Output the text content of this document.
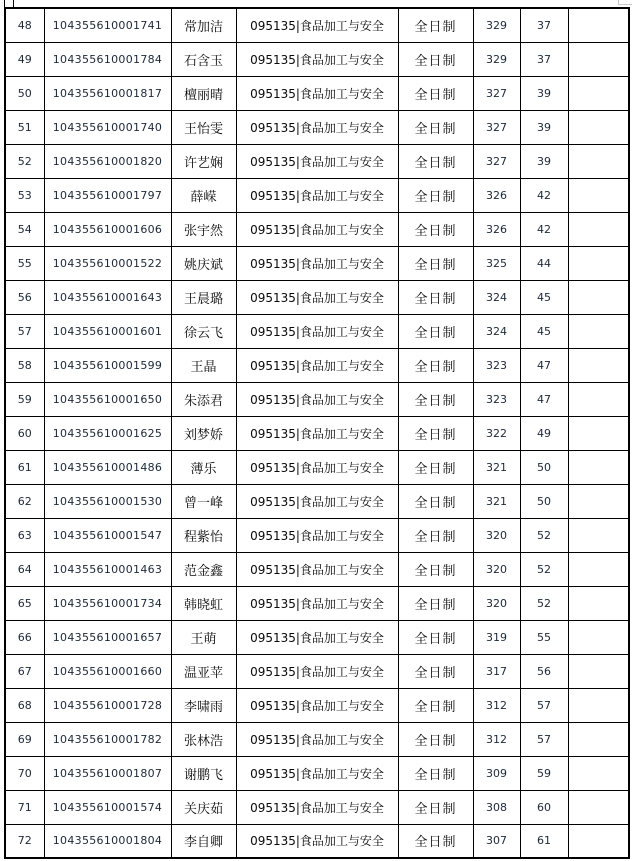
48	104355610001741	常加洁	095135|食品加工与安全	全日制	329	37	
49	104355610001784	石含玉	095135|食品加工与安全	全日制	329	37	
50	104355610001817	檀丽晴	095135|食品加工与安全	全日制	327	39	
51	104355610001740	王怡雯	095135|食品加工与安全	全日制	327	39	
52	104355610001820	许艺娴	095135|食品加工与安全	全日制	327	39	
53	104355610001797	薛嵘	095135|食品加工与安全	全日制	326	42	
54	104355610001606	张宇然	095135|食品加工与安全	全日制	326	42	
55	104355610001522	姚庆斌	095135|食品加工与安全	全日制	325	44	
56	104355610001643	王晨璐	095135|食品加工与安全	全日制	324	45	
57	104355610001601	徐云飞	095135|食品加工与安全	全日制	324	45	
58	104355610001599	王晶	095135|食品加工与安全	全日制	323	47	
59	104355610001650	朱添君	095135|食品加工与安全	全日制	323	47	
60	104355610001625	刘梦娇	095135|食品加工与安全	全日制	322	49	
61	104355610001486	薄乐	095135|食品加工与安全	全日制	321	50	
62	104355610001530	曾一峰	095135|食品加工与安全	全日制	321	50	
63	104355610001547	程紫怡	095135|食品加工与安全	全日制	320	52	
64	104355610001463	范金鑫	095135|食品加工与安全	全日制	320	52	
65	104355610001734	韩晓虹	095135|食品加工与安全	全日制	320	52	
66	104355610001657	王萌	095135|食品加工与安全	全日制	319	55	
67	104355610001660	温亚苹	095135|食品加工与安全	全日制	317	56	
68	104355610001728	李啸雨	095135|食品加工与安全	全日制	312	57	
69	104355610001782	张林浩	095135|食品加工与安全	全日制	312	57	
70	104355610001807	谢鹏飞	095135|食品加工与安全	全日制	309	59	
71	104355610001574	关庆茹	095135|食品加工与安全	全日制	308	60	
72	104355610001804	李自卿	095135|食品加工与安全	全日制	307	61	
